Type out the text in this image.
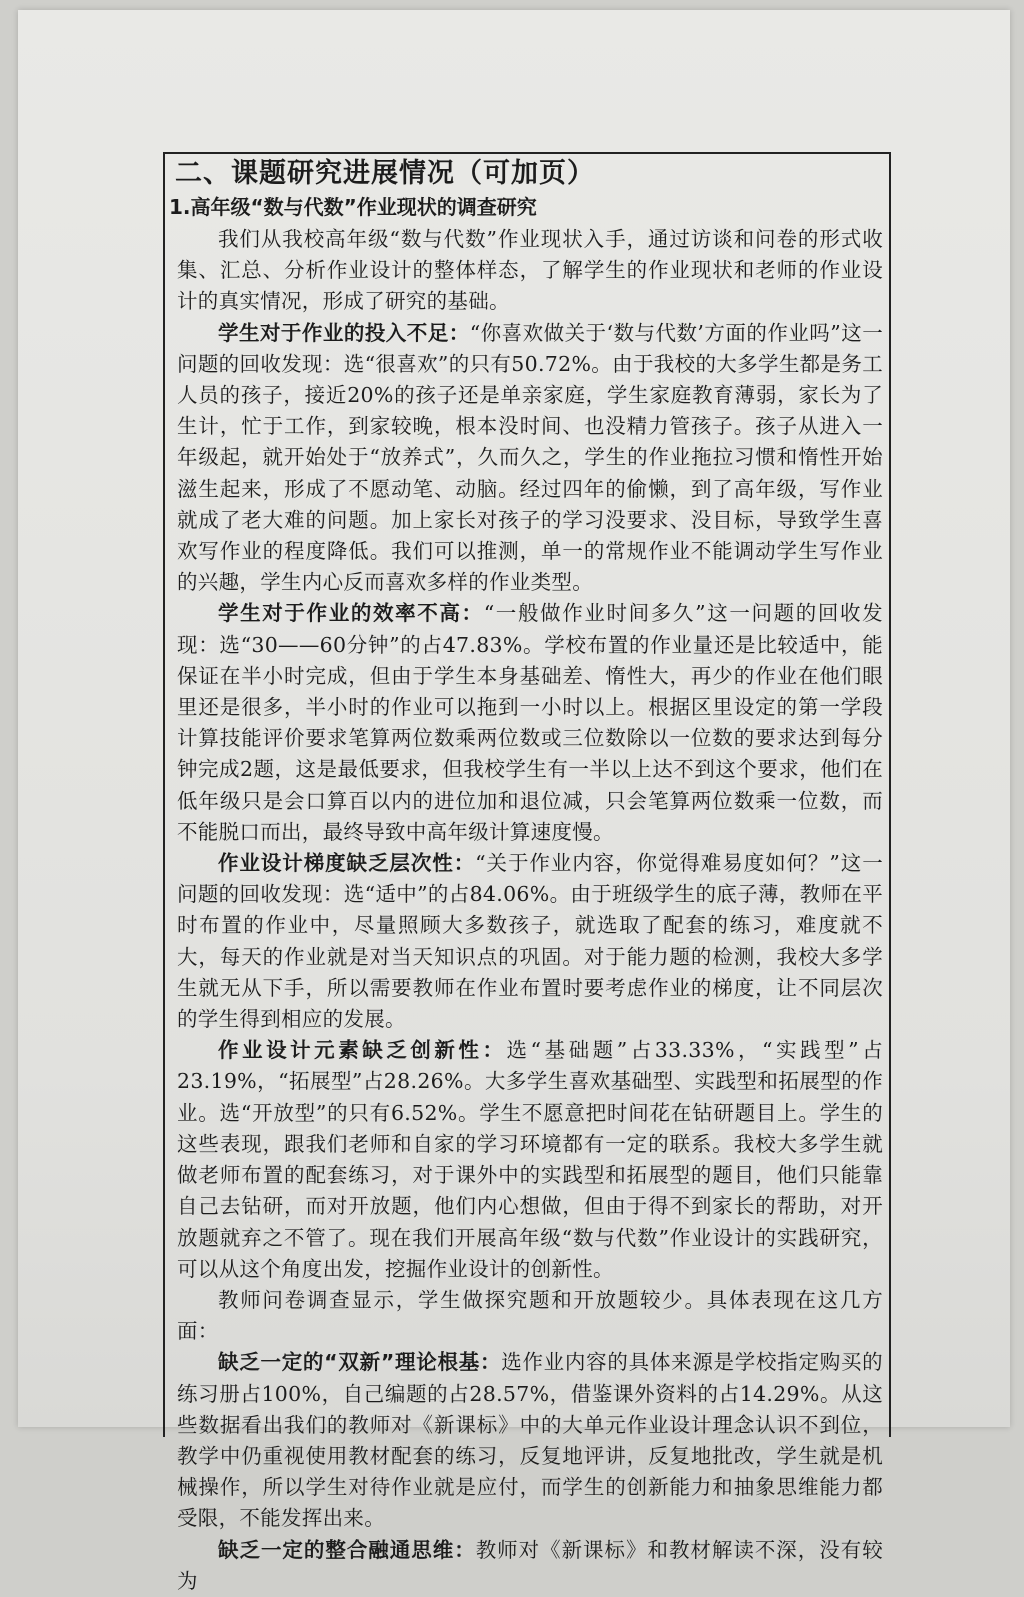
二、课题研究进展情况（可加页）
1.高年级“数与代数”作业现状的调查研究

我们从我校高年级“数与代数”作业现状入手，通过访谈和问卷的形式收集、汇总、分析作业设计的整体样态，了解学生的作业现状和老师的作业设计的真实情况，形成了研究的基础。

学生对于作业的投入不足：“你喜欢做关于‘数与代数’方面的作业吗”这一问题的回收发现：选“很喜欢”的只有50.72%。由于我校的大多学生都是务工人员的孩子，接近20%的孩子还是单亲家庭，学生家庭教育薄弱，家长为了生计，忙于工作，到家较晚，根本没时间、也没精力管孩子。孩子从进入一年级起，就开始处于“放养式”，久而久之，学生的作业拖拉习惯和惰性开始滋生起来，形成了不愿动笔、动脑。经过四年的偷懒，到了高年级，写作业就成了老大难的问题。加上家长对孩子的学习没要求、没目标，导致学生喜欢写作业的程度降低。我们可以推测，单一的常规作业不能调动学生写作业的兴趣，学生内心反而喜欢多样的作业类型。

学生对于作业的效率不高：“一般做作业时间多久”这一问题的回收发现：选“30——60分钟”的占47.83%。学校布置的作业量还是比较适中，能保证在半小时完成，但由于学生本身基础差、惰性大，再少的作业在他们眼里还是很多，半小时的作业可以拖到一小时以上。根据区里设定的第一学段计算技能评价要求笔算两位数乘两位数或三位数除以一位数的要求达到每分钟完成2题，这是最低要求，但我校学生有一半以上达不到这个要求，他们在低年级只是会口算百以内的进位加和退位减，只会笔算两位数乘一位数，而不能脱口而出，最终导致中高年级计算速度慢。

作业设计梯度缺乏层次性：“关于作业内容，你觉得难易度如何？”这一问题的回收发现：选“适中”的占84.06%。由于班级学生的底子薄，教师在平时布置的作业中，尽量照顾大多数孩子，就选取了配套的练习，难度就不大，每天的作业就是对当天知识点的巩固。对于能力题的检测，我校大多学生就无从下手，所以需要教师在作业布置时要考虑作业的梯度，让不同层次的学生得到相应的发展。

作业设计元素缺乏创新性：选“基础题”占33.33%，“实践型”占23.19%，“拓展型”占28.26%。大多学生喜欢基础型、实践型和拓展型的作业。选“开放型”的只有6.52%。学生不愿意把时间花在钻研题目上。学生的这些表现，跟我们老师和自家的学习环境都有一定的联系。我校大多学生就做老师布置的配套练习，对于课外中的实践型和拓展型的题目，他们只能靠自己去钻研，而对开放题，他们内心想做，但由于得不到家长的帮助，对开放题就弃之不管了。现在我们开展高年级“数与代数”作业设计的实践研究，可以从这个角度出发，挖掘作业设计的创新性。

教师问卷调查显示，学生做探究题和开放题较少。具体表现在这几方面：

缺乏一定的“双新”理论根基：选作业内容的具体来源是学校指定购买的练习册占100%，自己编题的占28.57%，借鉴课外资料的占14.29%。从这些数据看出我们的教师对《新课标》中的大单元作业设计理念认识不到位，教学中仍重视使用教材配套的练习，反复地评讲，反复地批改，学生就是机械操作，所以学生对待作业就是应付，而学生的创新能力和抽象思维能力都受限，不能发挥出来。

缺乏一定的整合融通思维：教师对《新课标》和教材解读不深，没有较为
